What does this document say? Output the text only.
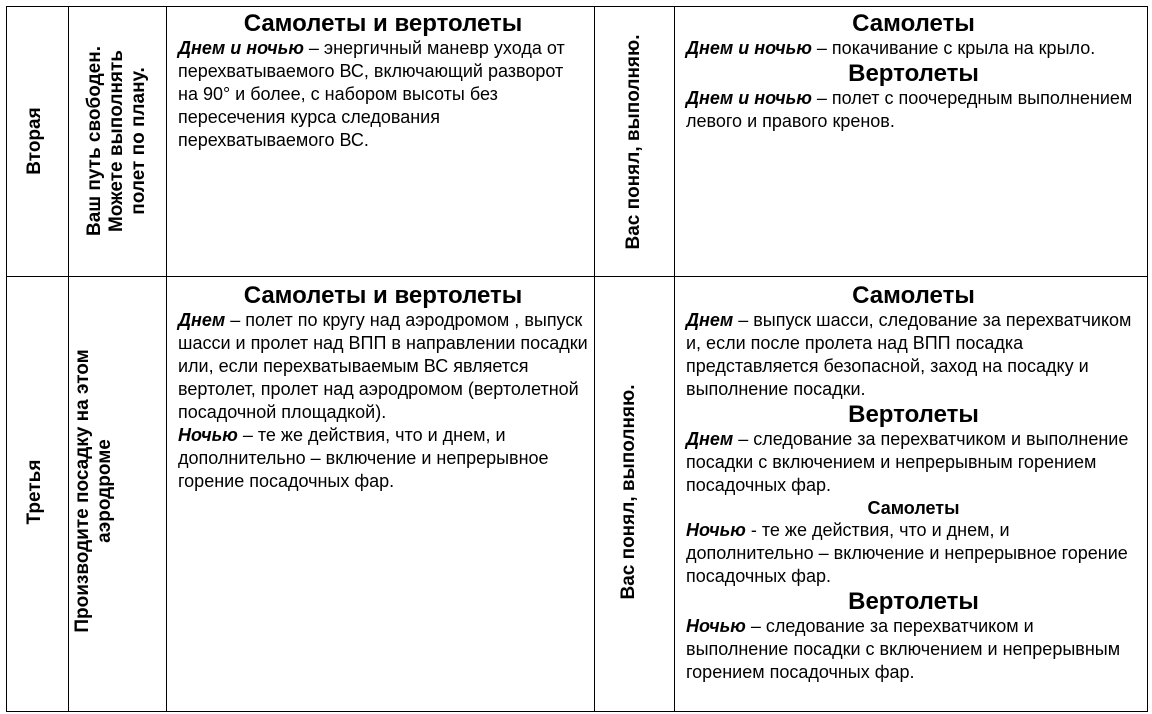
Вторая Ваш путь свободен. Можете выполнять полет по плану.
Самолеты и вертолеты

Днем и ночью – энергичный маневр ухода от перехватываемого ВС, включающий разворот на 90° и более, с набором высоты без пересечения курса следования перехватываемого ВС.	Вас понял, выполняю.
Самолеты

Днем и ночью – покачивание с крыла на крыло.

Вертолеты

Днем и ночью – полет с поочередным выполнением левого и правого кренов.

Третья Производите посадку на этом аэродроме
Самолеты и вертолеты

Днем – полет по кругу над аэродромом , выпуск шасси и пролет над ВПП в направлении посадки или, если перехватываемым ВС является вертолет, пролет над аэродромом (вертолетной посадочной площадкой).

Ночью – те же действия, что и днем, и дополнительно – включение и непрерывное горение посадочных фар.	Вас понял, выполняю.
Самолеты

Днем – выпуск шасси, следование за перехватчиком и, если после пролета над ВПП посадка представляется безопасной, заход на посадку и выполнение посадки.

Вертолеты

Днем – следование за перехватчиком и выполнение посадки с включением и непрерывным горением посадочных фар.

Самолеты

Ночью - те же действия, что и днем, и дополнительно – включение и непрерывное горение посадочных фар.

Вертолеты

Ночью – следование за перехватчиком и выполнение посадки с включением и непрерывным горением посадочных фар.
